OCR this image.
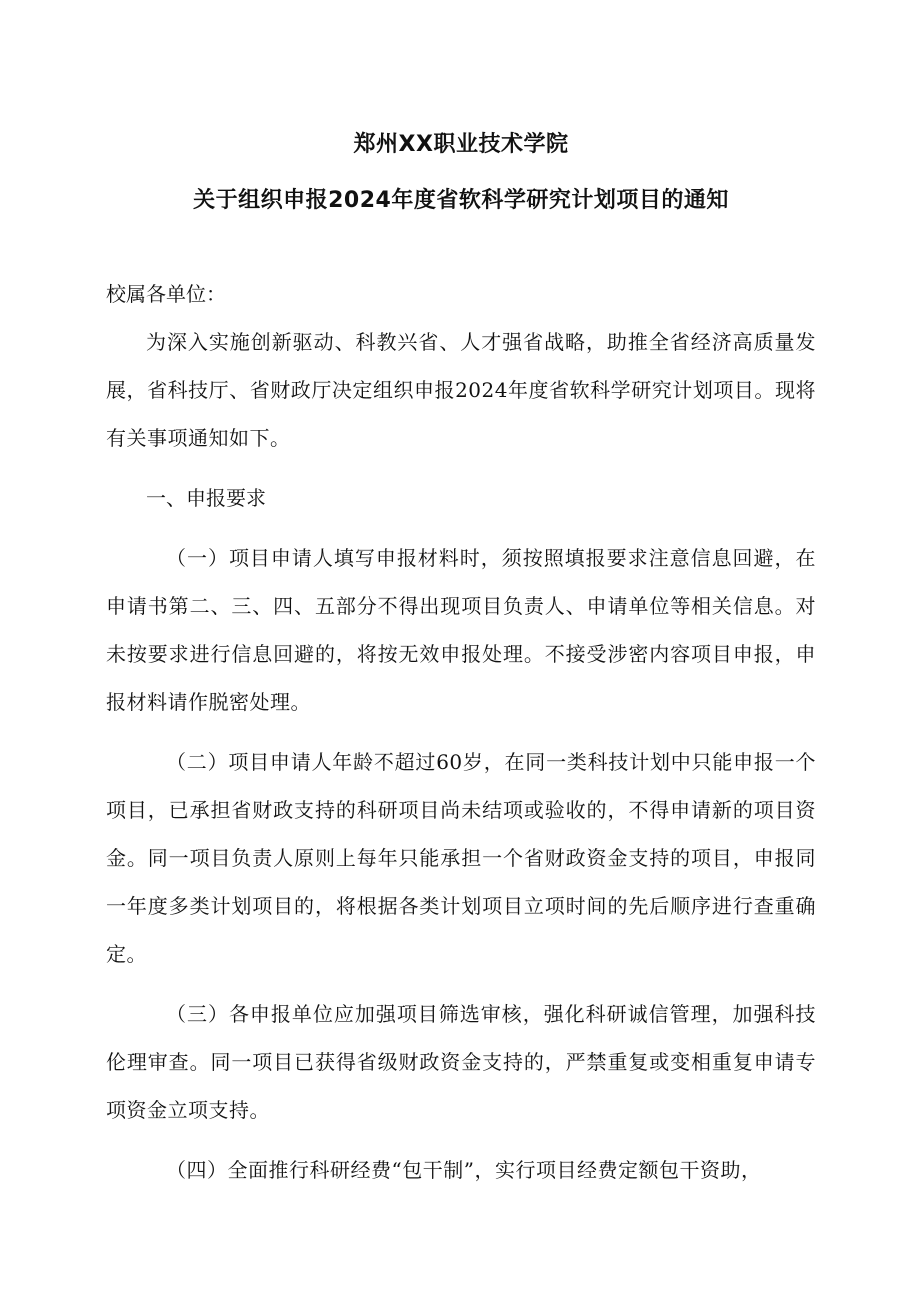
郑州XX职业技术学院
关于组织申报2024年度省软科学研究计划项目的通知

校属各单位：

为深入实施创新驱动、科教兴省、人才强省战略，助推全省经济高质量发展，省科技厅、省财政厅决定组织申报2024年度省软科学研究计划项目。现将有关事项通知如下。

一、申报要求

（一）项目申请人填写申报材料时，须按照填报要求注意信息回避，在申请书第二、三、四、五部分不得出现项目负责人、申请单位等相关信息。对未按要求进行信息回避的，将按无效申报处理。不接受涉密内容项目申报，申报材料请作脱密处理。

（二）项目申请人年龄不超过60岁，在同一类科技计划中只能申报一个项目，已承担省财政支持的科研项目尚未结项或验收的，不得申请新的项目资金。同一项目负责人原则上每年只能承担一个省财政资金支持的项目，申报同一年度多类计划项目的，将根据各类计划项目立项时间的先后顺序进行查重确定。

（三）各申报单位应加强项目筛选审核，强化科研诚信管理，加强科技伦理审查。同一项目已获得省级财政资金支持的，严禁重复或变相重复申请专项资金立项支持。

（四）全面推行科研经费“包干制”，实行项目经费定额包干资助，
